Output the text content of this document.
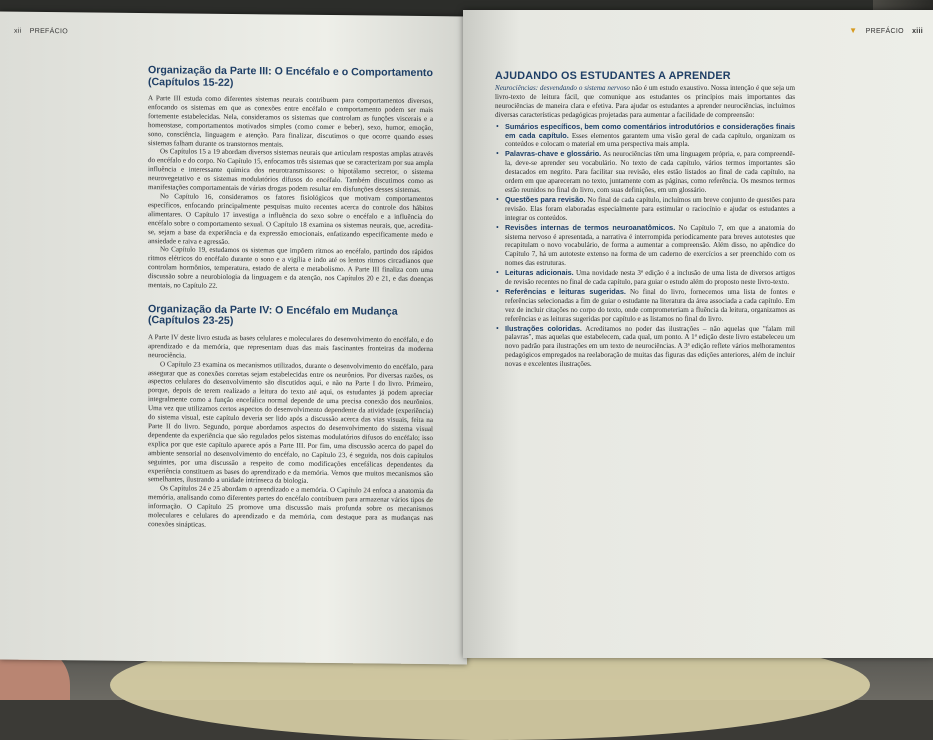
xii PREFÁCIO
Organização da Parte III: O Encéfalo e o Comportamento (Capítulos 15-22)

A Parte III estuda como diferentes sistemas neurais contribuem para comportamentos diversos, enfocando os sistemas em que as conexões entre encéfalo e comportamento podem ser mais fortemente estabelecidas. Nela, consideramos os sistemas que controlam as funções viscerais e a homeostase, comportamentos motivados simples (como comer e beber), sexo, humor, emoção, sono, consciência, linguagem e atenção. Para finalizar, discutimos o que ocorre quando esses sistemas falham durante os transtornos mentais.

Os Capítulos 15 a 19 abordam diversos sistemas neurais que articulam respostas amplas através do encéfalo e do corpo. No Capítulo 15, enfocamos três sistemas que se caracterizam por sua ampla influência e interessante química dos neurotransmissores: o hipotálamo secretor, o sistema neurovegetativo e os sistemas modulatórios difusos do encéfalo. Também discutimos como as manifestações comportamentais de várias drogas podem resultar em disfunções desses sistemas.

No Capítulo 16, consideramos os fatores fisiológicos que motivam comportamentos específicos, enfocando principalmente pesquisas muito recentes acerca do controle dos hábitos alimentares. O Capítulo 17 investiga a influência do sexo sobre o encéfalo e a influência do encéfalo sobre o comportamento sexual. O Capítulo 18 examina os sistemas neurais, que, acredita-se, sejam a base da experiência e da expressão emocionais, enfatizando especificamente medo e ansiedade e raiva e agressão.

No Capítulo 19, estudamos os sistemas que impõem ritmos ao encéfalo, partindo dos rápidos ritmos elétricos do encéfalo durante o sono e a vigília e indo até os lentos ritmos circadianos que controlam hormônios, temperatura, estado de alerta e metabolismo. A Parte III finaliza com uma discussão sobre a neurobiologia da linguagem e da atenção, nos Capítulos 20 e 21, e das doenças mentais, no Capítulo 22.

Organização da Parte IV: O Encéfalo em Mudança (Capítulos 23-25)

A Parte IV deste livro estuda as bases celulares e moleculares do desenvolvimento do encéfalo, e do aprendizado e da memória, que representam duas das mais fascinantes fronteiras da moderna neurociência.

O Capítulo 23 examina os mecanismos utilizados, durante o desenvolvimento do encéfalo, para assegurar que as conexões corretas sejam estabelecidas entre os neurônios. Por diversas razões, os aspectos celulares do desenvolvimento são discutidos aqui, e não na Parte I do livro. Primeiro, porque, depois de terem realizado a leitura do texto até aqui, os estudantes já podem apreciar integralmente como a função encefálica normal depende de uma precisa conexão dos neurônios. Uma vez que utilizamos certos aspectos do desenvolvimento dependente da atividade (experiência) do sistema visual, este capítulo deveria ser lido após a discussão acerca das vias visuais, feita na Parte II do livro. Segundo, porque abordamos aspectos do desenvolvimento do sistema visual dependente da experiência que são regulados pelos sistemas modulatórios difusos do encéfalo; isso explica por que este capítulo aparece após a Parte III. Por fim, uma discussão acerca do papel do ambiente sensorial no desenvolvimento do encéfalo, no Capítulo 23, é seguida, nos dois capítulos seguintes, por uma discussão a respeito de como modificações encefálicas dependentes da experiência constituem as bases do aprendizado e da memória. Vemos que muitos mecanismos são semelhantes, ilustrando a unidade intrínseca da biologia.

Os Capítulos 24 e 25 abordam o aprendizado e a memória. O Capítulo 24 enfoca a anatomia da memória, analisando como diferentes partes do encéfalo contribuem para armazenar vários tipos de informação. O Capítulo 25 promove uma discussão mais profunda sobre os mecanismos moleculares e celulares do aprendizado e da memória, com destaque para as mudanças nas conexões sinápticas.

▼ PREFÁCIO xiii
AJUDANDO OS ESTUDANTES A APRENDER

Neurociências: desvendando o sistema nervoso não é um estudo exaustivo. Nossa intenção é que seja um livro-texto de leitura fácil, que comunique aos estudantes os princípios mais importantes das neurociências de maneira clara e efetiva. Para ajudar os estudantes a aprender neurociências, incluímos diversas características pedagógicas projetadas para aumentar a facilidade de compreensão:

• Sumários específicos, bem como comentários introdutórios e considerações finais em cada capítulo. Esses elementos garantem uma visão geral de cada capítulo, organizam os conteúdos e colocam o material em uma perspectiva mais ampla.
• Palavras-chave e glossário. As neurociências têm uma linguagem própria, e, para compreendê-la, deve-se aprender seu vocabulário. No texto de cada capítulo, vários termos importantes são destacados em negrito. Para facilitar sua revisão, eles estão listados ao final de cada capítulo, na ordem em que apareceram no texto, juntamente com as páginas, como referência. Os mesmos termos estão reunidos no final do livro, com suas definições, em um glossário.
• Questões para revisão. No final de cada capítulo, incluímos um breve conjunto de questões para revisão. Elas foram elaboradas especialmente para estimular o raciocínio e ajudar os estudantes a integrar os conteúdos.
• Revisões internas de termos neuroanatômicos. No Capítulo 7, em que a anatomia do sistema nervoso é apresentada, a narrativa é interrompida periodicamente para breves autotestes que recapitulam o novo vocabulário, de forma a aumentar a compreensão. Além disso, no apêndice do Capítulo 7, há um autoteste extenso na forma de um caderno de exercícios a ser preenchido com os nomes das estruturas.
• Leituras adicionais. Uma novidade nesta 3ª edição é a inclusão de uma lista de diversos artigos de revisão recentes no final de cada capítulo, para guiar o estudo além do proposto neste livro-texto.
• Referências e leituras sugeridas. No final do livro, fornecemos uma lista de fontes e referências selecionadas a fim de guiar o estudante na literatura da área associada a cada capítulo. Em vez de incluir citações no corpo do texto, onde comprometeriam a fluência da leitura, organizamos as referências e as leituras sugeridas por capítulo e as listamos no final do livro.
• Ilustrações coloridas. Acreditamos no poder das ilustrações – não aquelas que "falam mil palavras", mas aquelas que estabelecem, cada qual, um ponto. A 1ª edição deste livro estabeleceu um novo padrão para ilustrações em um texto de neurociências. A 3ª edição reflete vários melhoramentos pedagógicos empregados na reelaboração de muitas das figuras das edições anteriores, além de incluir novas e excelentes ilustrações.
